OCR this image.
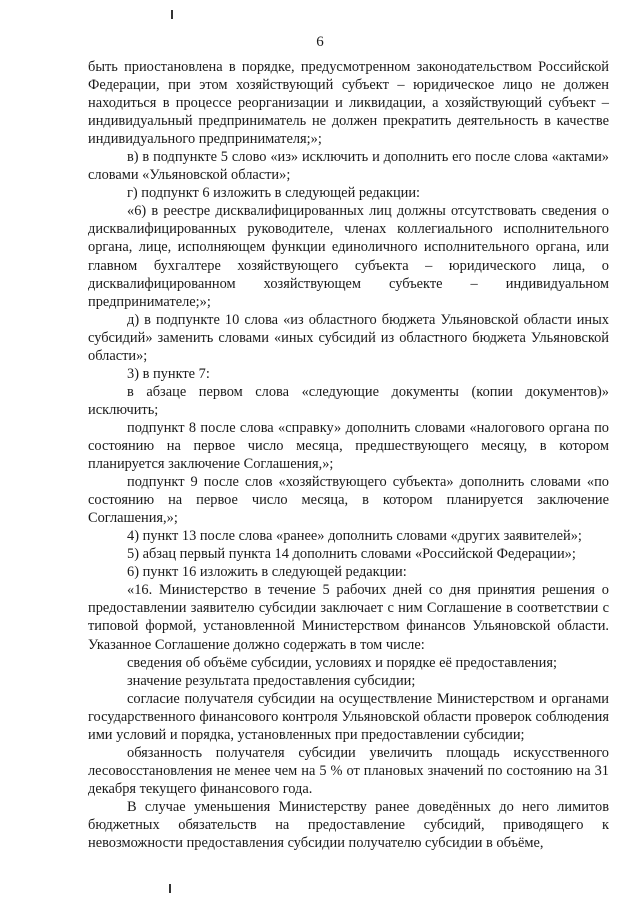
6

быть приостановлена в порядке, предусмотренном законодательством Российской Федерации, при этом хозяйствующий субъект – юридическое лицо не должен находиться в процессе реорганизации и ликвидации, а хозяйствующий субъект – индивидуальный предприниматель не должен прекратить деятельность в качестве индивидуального предпринимателя;»;

в) в подпункте 5 слово «из» исключить и дополнить его после слова «актами» словами «Ульяновской области»;

г) подпункт 6 изложить в следующей редакции:

«6) в реестре дисквалифицированных лиц должны отсутствовать сведения о дисквалифицированных руководителе, членах коллегиального исполнительного органа, лице, исполняющем функции единоличного исполнительного органа, или главном бухгалтере хозяйствующего субъекта – юридического лица, о дисквалифицированном хозяйствующем субъекте – индивидуальном предпринимателе;»;

д) в подпункте 10 слова «из областного бюджета Ульяновской области иных субсидий» заменить словами «иных субсидий из областного бюджета Ульяновской области»;

3) в пункте 7:

в абзаце первом слова «следующие документы (копии документов)» исключить;

подпункт 8 после слова «справку» дополнить словами «налогового органа по состоянию на первое число месяца, предшествующего месяцу, в котором планируется заключение Соглашения,»;

подпункт 9 после слов «хозяйствующего субъекта» дополнить словами «по состоянию на первое число месяца, в котором планируется заключение Соглашения,»;

4) пункт 13 после слова «ранее» дополнить словами «других заявителей»;

5) абзац первый пункта 14 дополнить словами «Российской Федерации»;

6) пункт 16 изложить в следующей редакции:

«16. Министерство в течение 5 рабочих дней со дня принятия решения о предоставлении заявителю субсидии заключает с ним Соглашение в соответствии с типовой формой, установленной Министерством финансов Ульяновской области. Указанное Соглашение должно содержать в том числе:

сведения об объёме субсидии, условиях и порядке её предоставления;

значение результата предоставления субсидии;

согласие получателя субсидии на осуществление Министерством и органами государственного финансового контроля Ульяновской области проверок соблюдения ими условий и порядка, установленных при предоставлении субсидии;

обязанность получателя субсидии увеличить площадь искусственного лесовосстановления не менее чем на 5 % от плановых значений по состоянию на 31 декабря текущего финансового года.

В случае уменьшения Министерству ранее доведённых до него лимитов бюджетных обязательств на предоставление субсидий, приводящего к невозможности предоставления субсидии получателю субсидии в объёме,
